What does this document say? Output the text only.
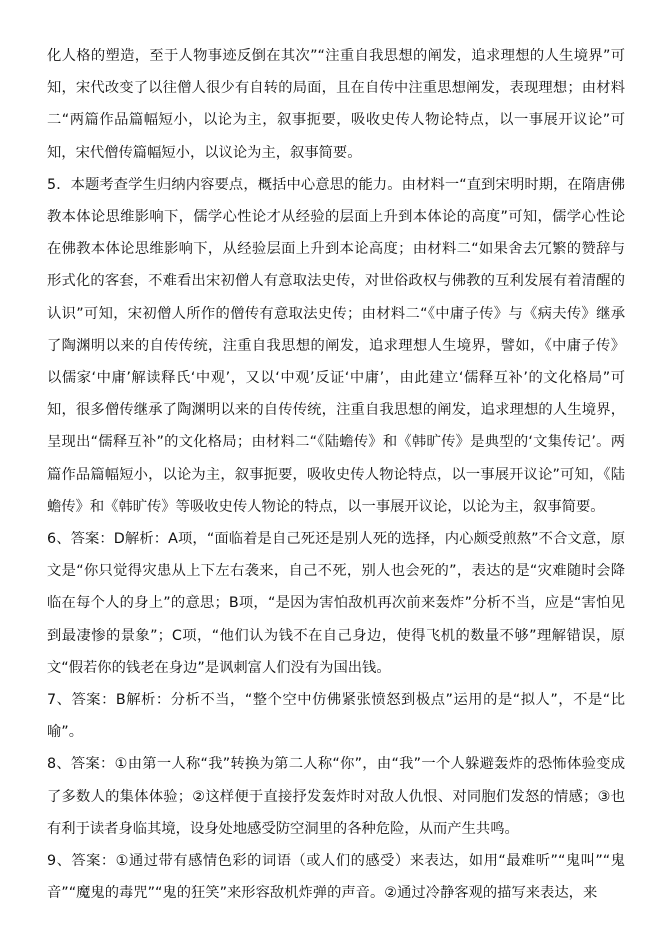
化人格的塑造，至于人物事迹反倒在其次”“注重自我思想的阐发，追求理想的人生境界”可知，宋代改变了以往僧人很少有自转的局面，且在自传中注重思想阐发，表现理想；由材料二“两篇作品篇幅短小，以论为主，叙事扼要，吸收史传人物论特点，以一事展开议论”可知，宋代僧传篇幅短小，以议论为主，叙事简要。

5．本题考查学生归纳内容要点，概括中心意思的能力。由材料一“直到宋明时期，在隋唐佛教本体论思维影响下，儒学心性论才从经验的层面上升到本体论的高度”可知，儒学心性论在佛教本体论思维影响下，从经验层面上升到本论高度；由材料二“如果舍去冗繁的赞辞与形式化的客套，不难看出宋初僧人有意取法史传，对世俗政权与佛教的互利发展有着清醒的认识”可知，宋初僧人所作的僧传有意取法史传；由材料二“《中庸子传》与《病夫传》继承了陶渊明以来的自传传统，注重自我思想的阐发，追求理想人生境界，譬如，《中庸子传》以儒家‘中庸’解读释氏‘中观’，又以‘中观’反证‘中庸’，由此建立‘儒释互补’的文化格局”可知，很多僧传继承了陶渊明以来的自传传统，注重自我思想的阐发，追求理想的人生境界，呈现出“儒释互补”的文化格局；由材料二“《陆蟾传》和《韩旷传》是典型的‘文集传记’。两篇作品篇幅短小，以论为主，叙事扼要，吸收史传人物论特点，以一事展开议论”可知，《陆蟾传》和《韩旷传》等吸收史传人物论的特点，以一事展开议论，以论为主，叙事简要。

6、答案：D解析：A项，“面临着是自己死还是别人死的选择，内心颇受煎熬”不合文意，原文是“你只觉得灾患从上下左右袭来，自己不死，别人也会死的”，表达的是“灾难随时会降临在每个人的身上”的意思；B项，“是因为害怕敌机再次前来轰炸”分析不当，应是“害怕见到最凄惨的景象”；C项，“他们认为钱不在自己身边，使得飞机的数量不够”理解错误，原文“假若你的钱老在身边”是讽刺富人们没有为国出钱。

7、答案：B解析：分析不当，“整个空中仿佛紧张愤怒到极点”运用的是“拟人”，不是“比喻”。

8、答案：①由第一人称“我”转换为第二人称“你”，由“我”一个人躲避轰炸的恐怖体验变成了多数人的集体体验；②这样便于直接抒发轰炸时对敌人仇恨、对同胞们发怒的情感；③也有利于读者身临其境，设身处地感受防空洞里的各种危险，从而产生共鸣。

9、答案：①通过带有感情色彩的词语（或人们的感受）来表达，如用“最难听”“鬼叫”“鬼音”“魔鬼的毒咒”“鬼的狂笑”来形容敌机炸弹的声音。②通过冷静客观的描写来表达，来
